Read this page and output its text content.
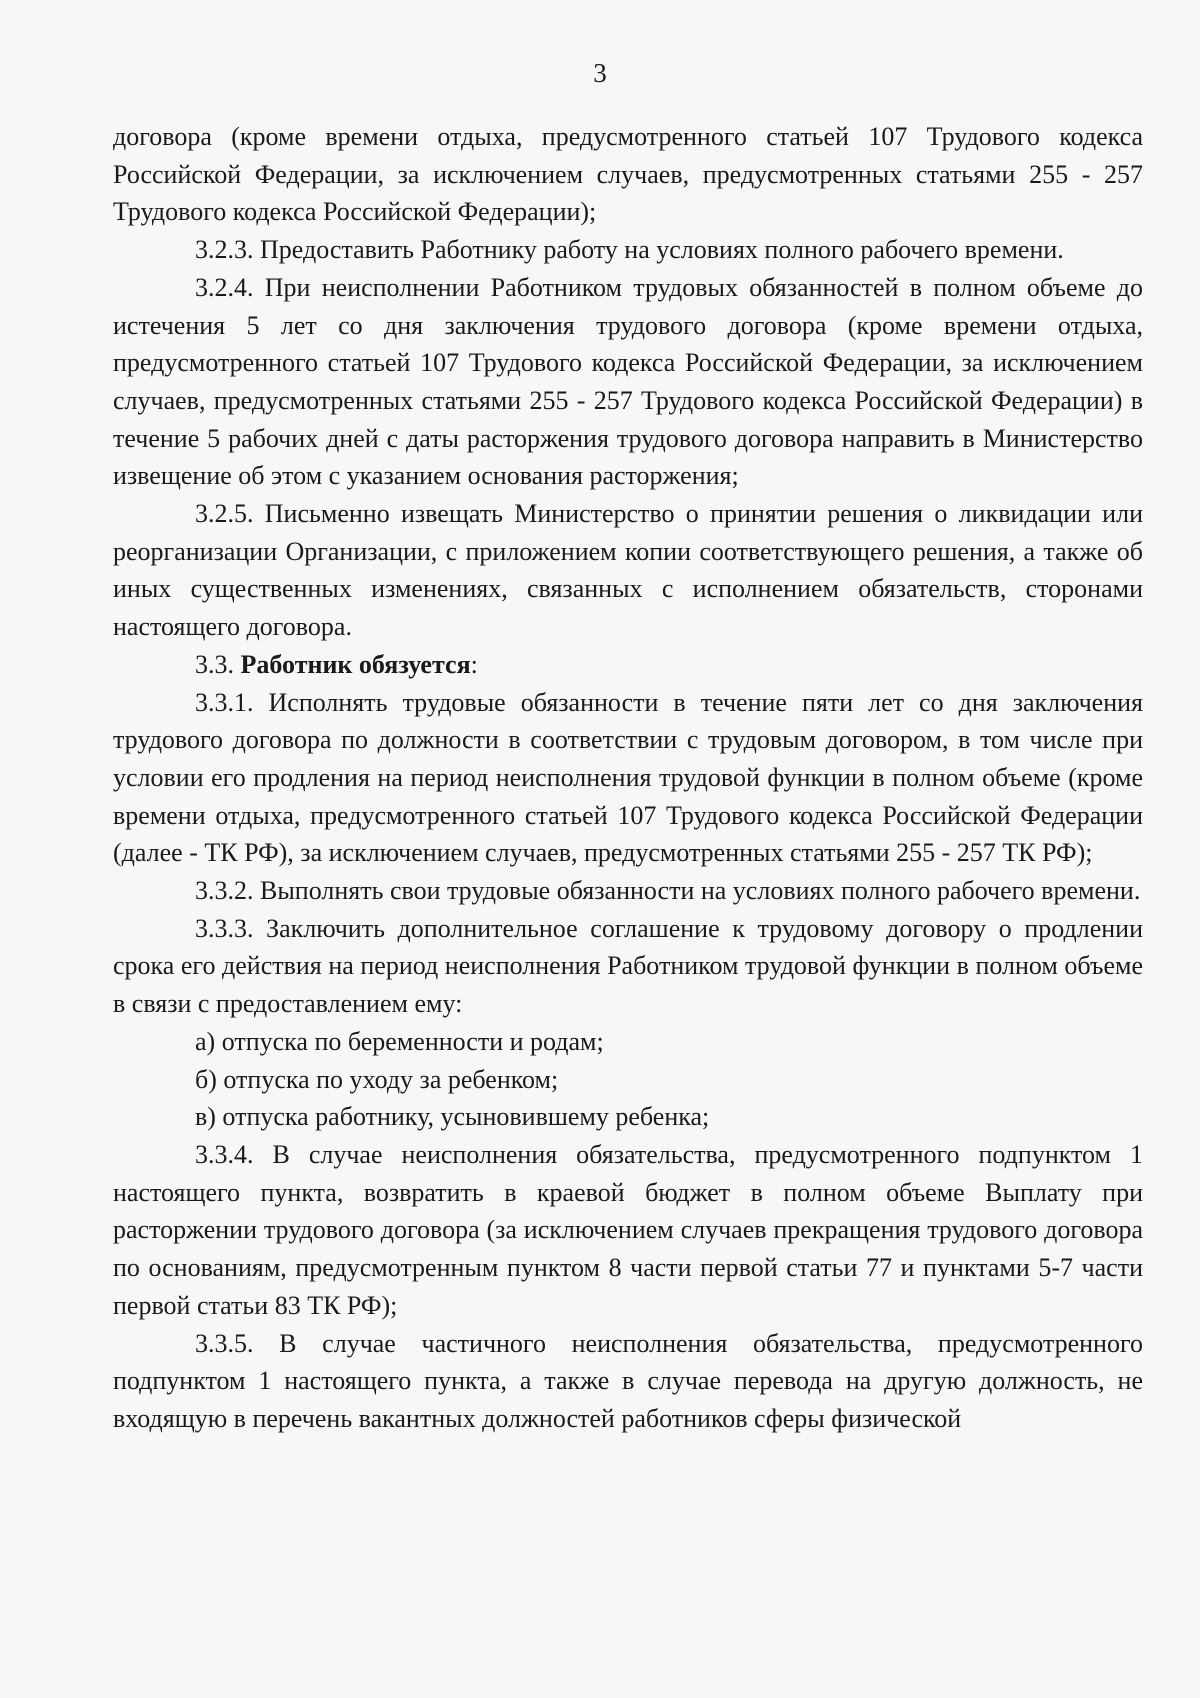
3

договора (кроме времени отдыха, предусмотренного статьей 107 Трудового кодекса Российской Федерации, за исключением случаев, предусмотренных статьями 255 - 257 Трудового кодекса Российской Федерации);

3.2.3. Предоставить Работнику работу на условиях полного рабочего времени.

3.2.4. При неисполнении Работником трудовых обязанностей в полном объеме до истечения 5 лет со дня заключения трудового договора (кроме времени отдыха, предусмотренного статьей 107 Трудового кодекса Российской Федерации, за исключением случаев, предусмотренных статьями 255 - 257 Трудового кодекса Российской Федерации) в течение 5 рабочих дней с даты расторжения трудового договора направить в Министерство извещение об этом с указанием основания расторжения;

3.2.5. Письменно извещать Министерство о принятии решения о ликвидации или реорганизации Организации, с приложением копии соответствующего решения, а также об иных существенных изменениях, связанных с исполнением обязательств, сторонами настоящего договора.

3.3. Работник обязуется:

3.3.1. Исполнять трудовые обязанности в течение пяти лет со дня заключения трудового договора по должности в соответствии с трудовым договором, в том числе при условии его продления на период неисполнения трудовой функции в полном объеме (кроме времени отдыха, предусмотренного статьей 107 Трудового кодекса Российской Федерации (далее - ТК РФ), за исключением случаев, предусмотренных статьями 255 - 257 ТК РФ);

3.3.2. Выполнять свои трудовые обязанности на условиях полного рабочего времени.

3.3.3. Заключить дополнительное соглашение к трудовому договору о продлении срока его действия на период неисполнения Работником трудовой функции в полном объеме в связи с предоставлением ему:

а) отпуска по беременности и родам;

б) отпуска по уходу за ребенком;

в) отпуска работнику, усыновившему ребенка;

3.3.4. В случае неисполнения обязательства, предусмотренного подпунктом 1 настоящего пункта, возвратить в краевой бюджет в полном объеме Выплату при расторжении трудового договора (за исключением случаев прекращения трудового договора по основаниям, предусмотренным пунктом 8 части первой статьи 77 и пунктами 5-7 части первой статьи 83 ТК РФ);

3.3.5. В случае частичного неисполнения обязательства, предусмотренного подпунктом 1 настоящего пункта, а также в случае перевода на другую должность, не входящую в перечень вакантных должностей работников сферы физической
